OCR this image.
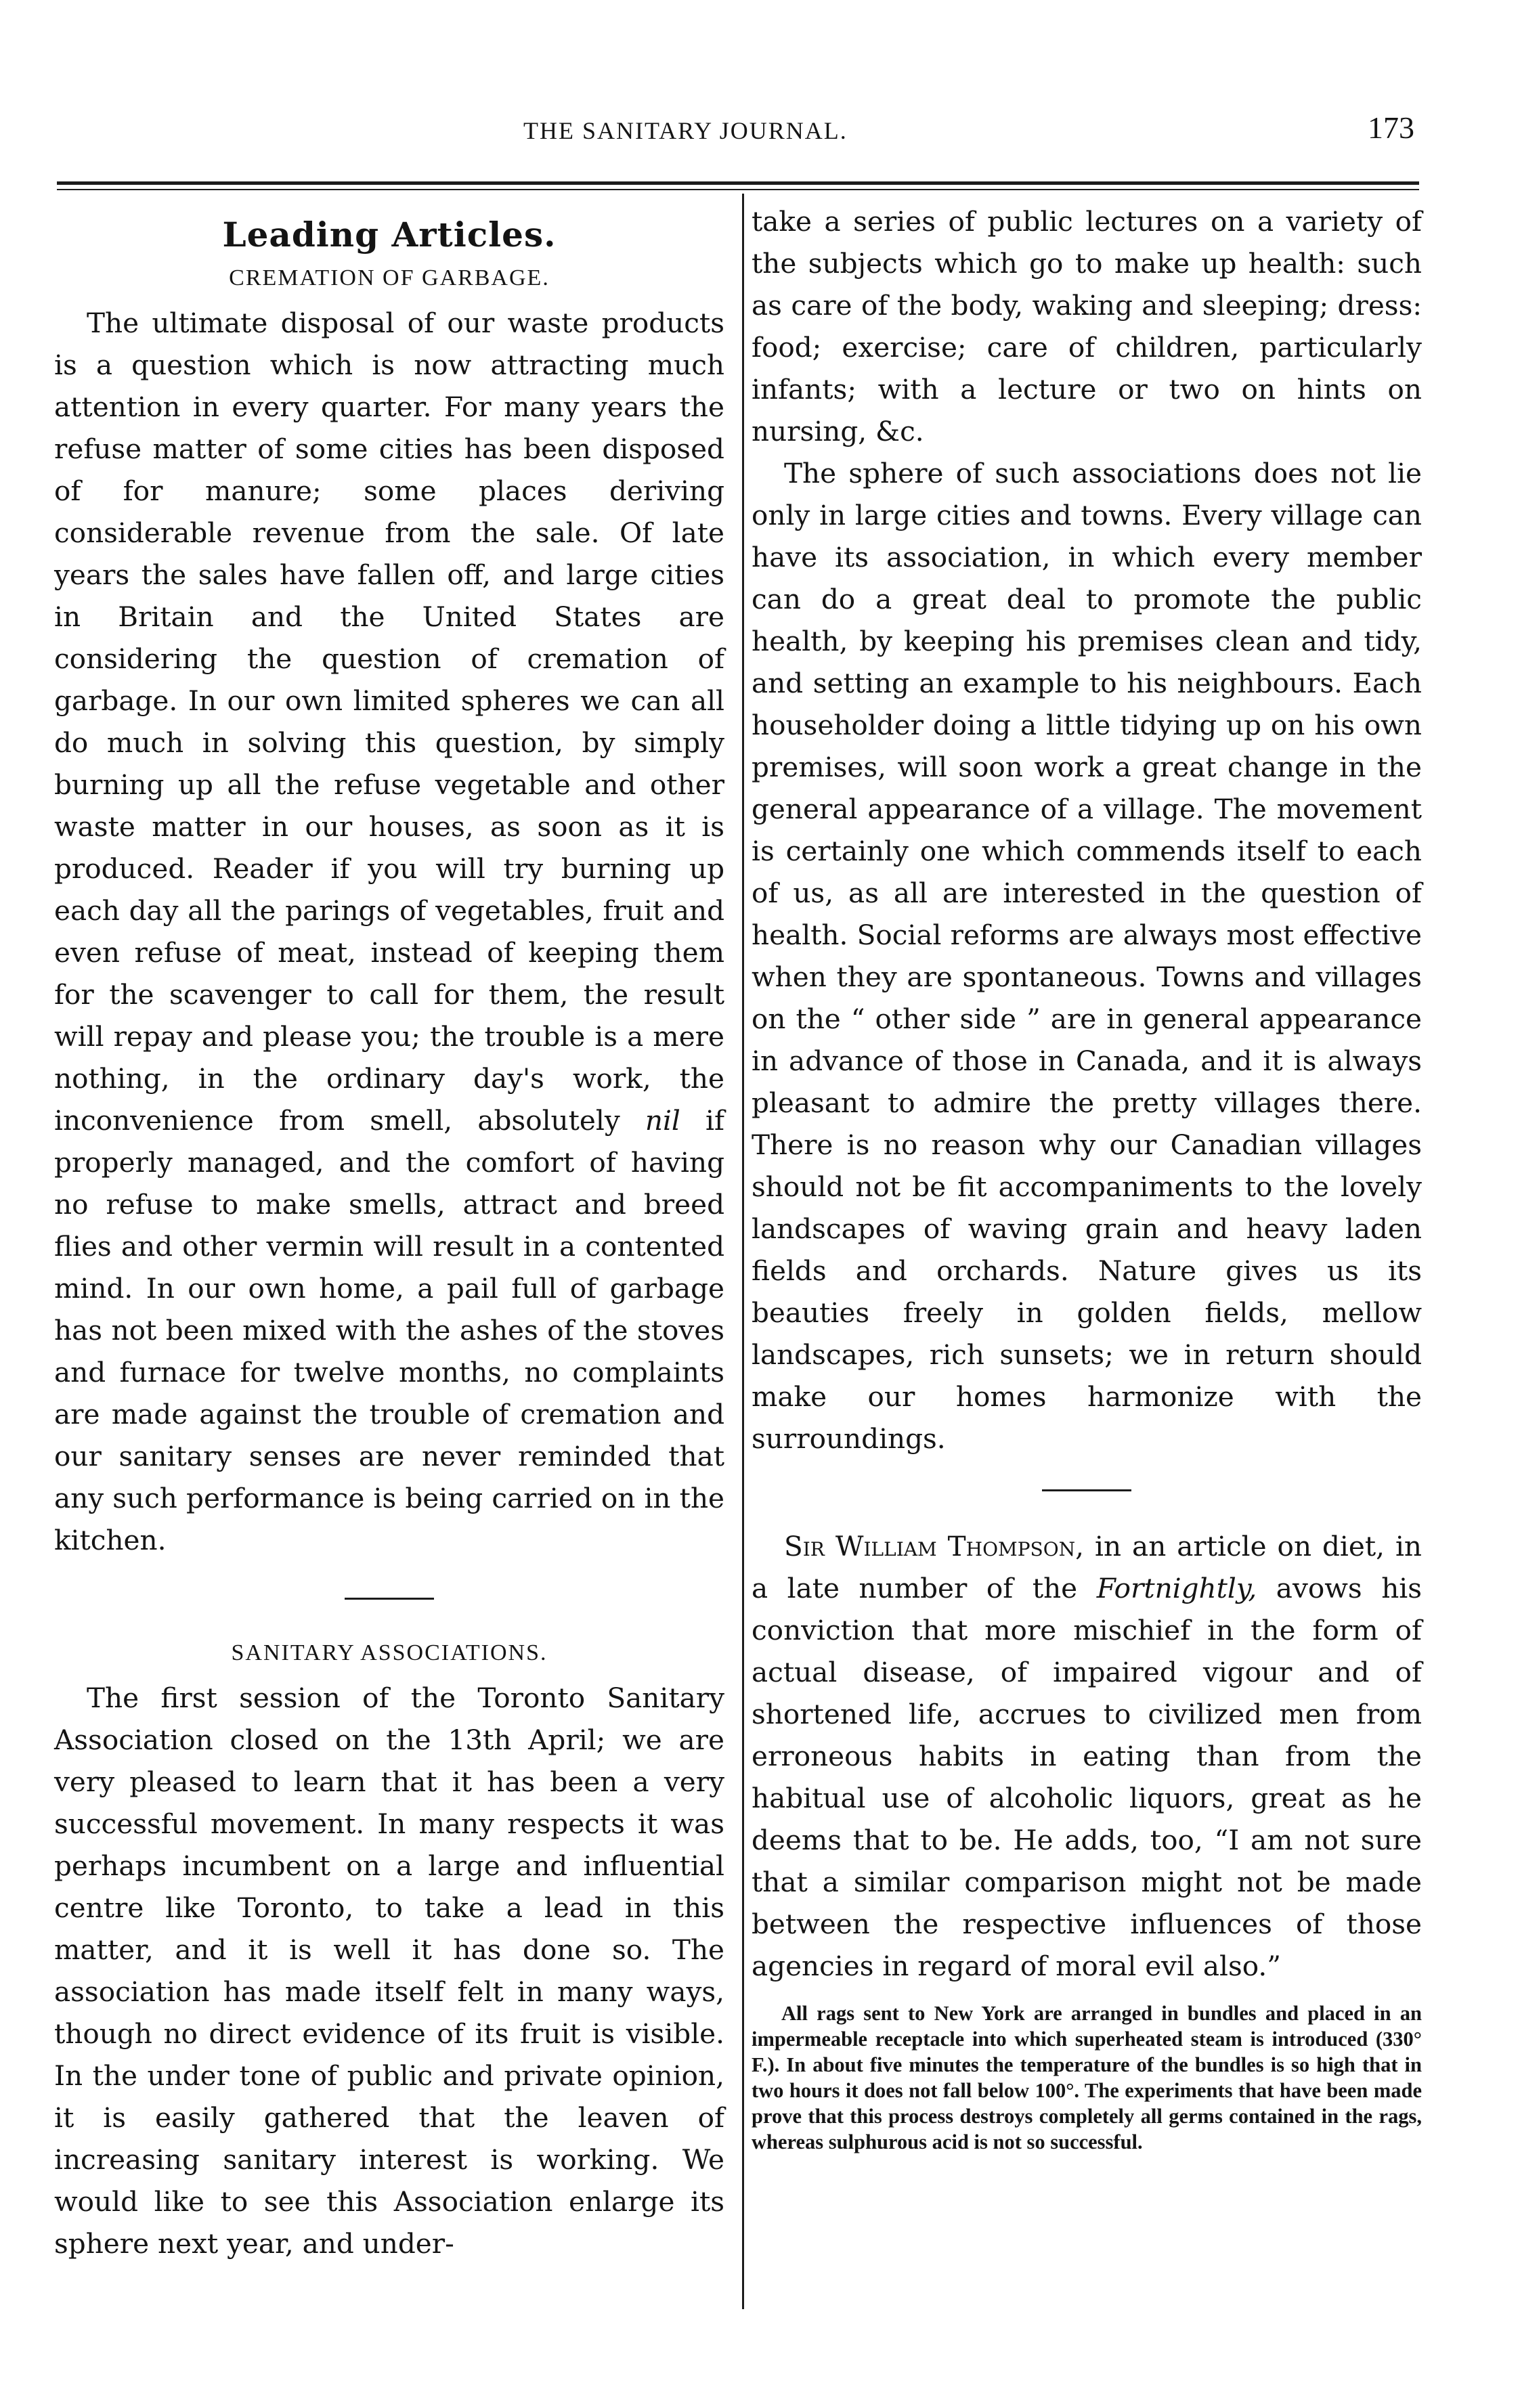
THE SANITARY JOURNAL.	173
Leading Articles.
CREMATION OF GARBAGE.

The ultimate disposal of our waste products is a question which is now attracting much attention in every quarter. For many years the refuse matter of some cities has been disposed of for manure; some places deriving considerable revenue from the sale. Of late years the sales have fallen off, and large cities in Britain and the United States are considering the question of cremation of garbage. In our own limited spheres we can all do much in solving this question, by simply burning up all the refuse vegetable and other waste matter in our houses, as soon as it is produced. Reader if you will try burning up each day all the parings of vegetables, fruit and even refuse of meat, instead of keeping them for the scavenger to call for them, the result will repay and please you; the trouble is a mere nothing, in the ordinary day's work, the inconvenience from smell, absolutely nil if properly managed, and the comfort of having no refuse to make smells, attract and breed flies and other vermin will result in a contented mind. In our own home, a pail full of garbage has not been mixed with the ashes of the stoves and furnace for twelve months, no complaints are made against the trouble of cremation and our sanitary senses are never reminded that any such performance is being carried on in the kitchen.

SANITARY ASSOCIATIONS.

The first session of the Toronto Sanitary Association closed on the 13th April; we are very pleased to learn that it has been a very successful movement. In many respects it was perhaps incumbent on a large and influential centre like Toronto, to take a lead in this matter, and it is well it has done so. The association has made itself felt in many ways, though no direct evidence of its fruit is visible. In the under tone of public and private opinion, it is easily gathered that the leaven of increasing sanitary interest is working. We would like to see this Association enlarge its sphere next year, and under-

take a series of public lectures on a variety of the subjects which go to make up health: such as care of the body, waking and sleeping; dress: food; exercise; care of children, particularly infants; with a lecture or two on hints on nursing, &c.

The sphere of such associations does not lie only in large cities and towns. Every village can have its association, in which every member can do a great deal to promote the public health, by keeping his premises clean and tidy, and setting an example to his neighbours. Each householder doing a little tidying up on his own premises, will soon work a great change in the general appearance of a village. The movement is certainly one which commends itself to each of us, as all are interested in the question of health. Social reforms are always most effective when they are spontaneous. Towns and villages on the “ other side ” are in general appearance in advance of those in Canada, and it is always pleasant to admire the pretty villages there. There is no reason why our Canadian villages should not be fit accompaniments to the lovely landscapes of waving grain and heavy laden fields and orchards. Nature gives us its beauties freely in golden fields, mellow landscapes, rich sunsets; we in return should make our homes harmonize with the surroundings.

Sir William Thompson, in an article on diet, in a late number of the Fortnightly, avows his conviction that more mischief in the form of actual disease, of impaired vigour and of shortened life, accrues to civilized men from erroneous habits in eating than from the habitual use of alcoholic liquors, great as he deems that to be. He adds, too, “I am not sure that a similar comparison might not be made between the respective influences of those agencies in regard of moral evil also.”

All rags sent to New York are arranged in bundles and placed in an impermeable receptacle into which superheated steam is introduced (330° F.). In about five minutes the temperature of the bundles is so high that in two hours it does not fall below 100°. The experiments that have been made prove that this process destroys completely all germs contained in the rags, whereas sulphurous acid is not so successful.
